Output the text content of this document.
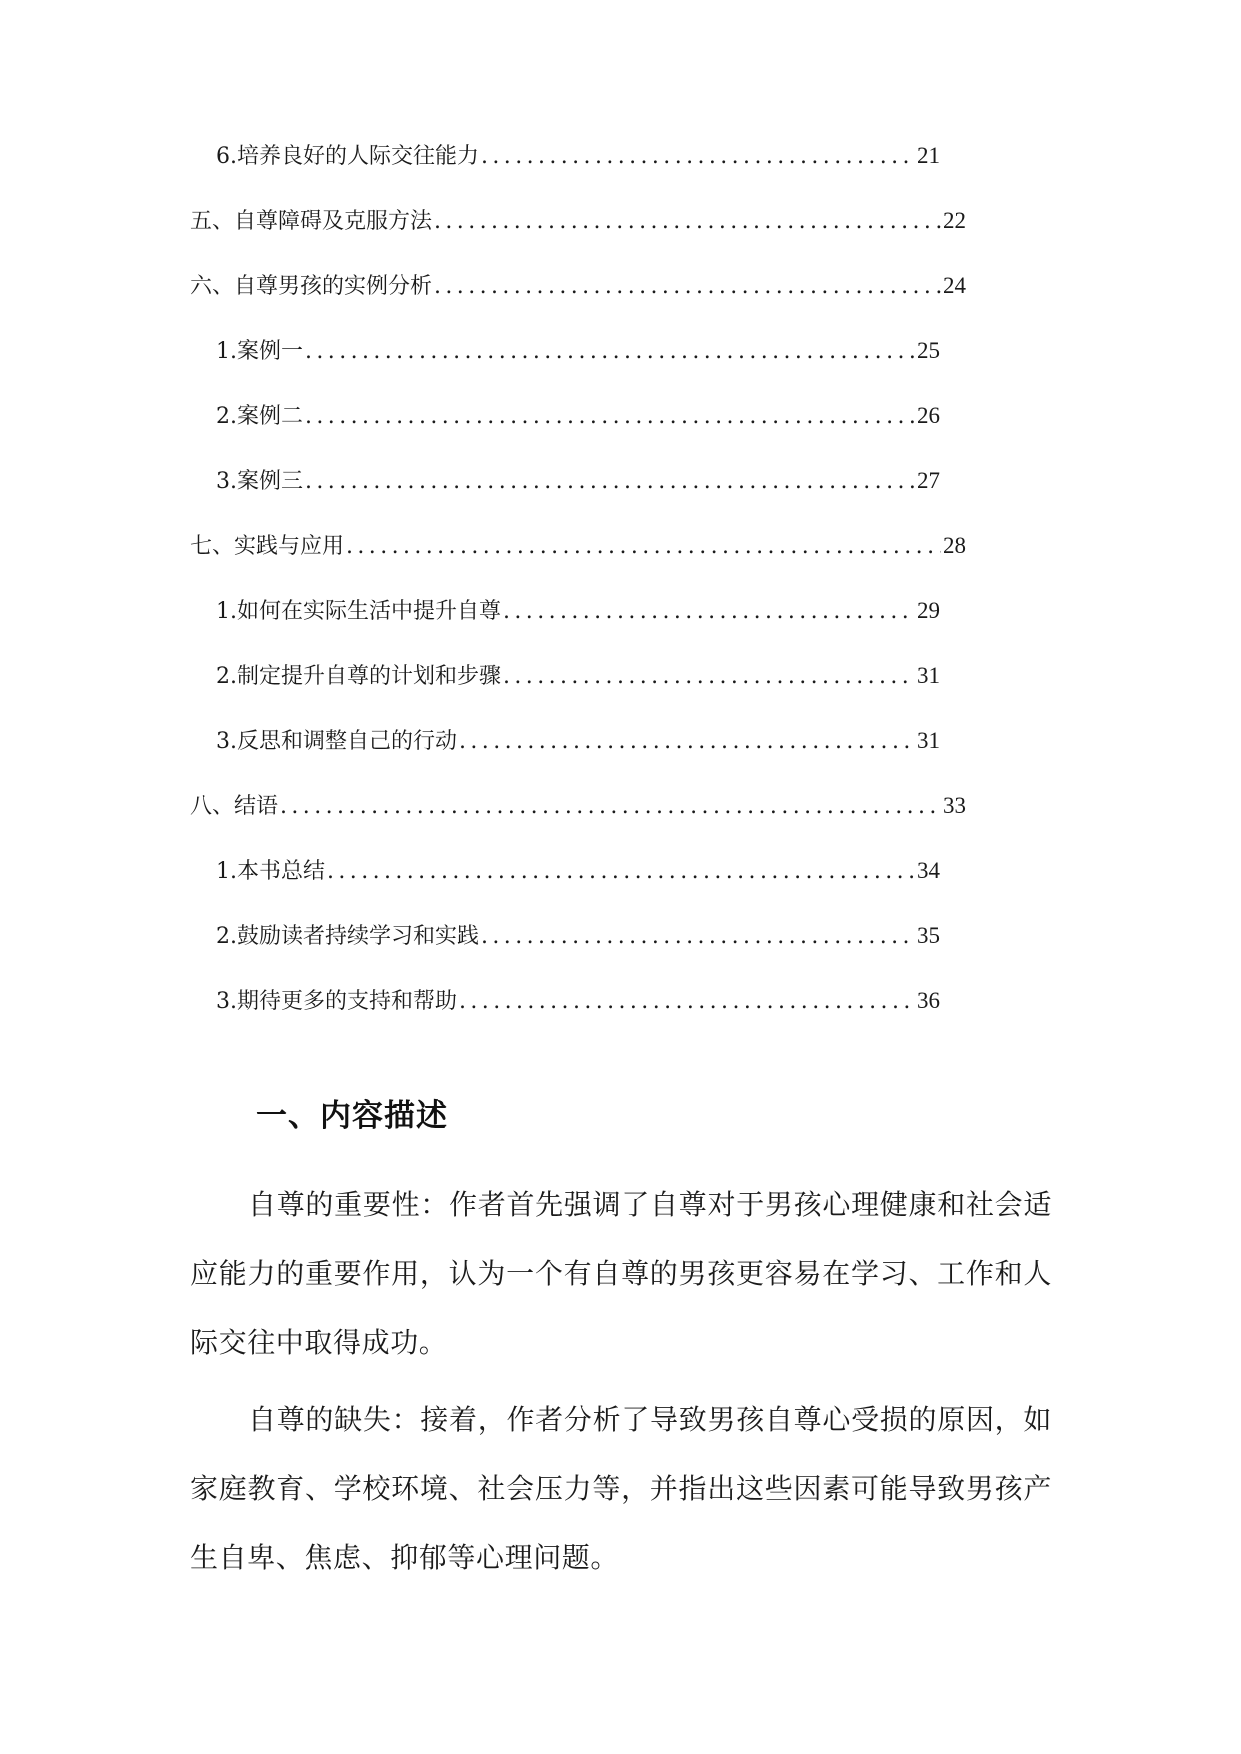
6. 培养良好的人际交往能力 .....	21
五、自尊障碍及克服方法 .....	22
六、自尊男孩的实例分析 .....	24
1. 案例一 .....	25
2. 案例二 .....	26
3. 案例三 .....	27
七、实践与应用 .....	28
1. 如何在实际生活中提升自尊 .....	29
2. 制定提升自尊的计划和步骤 .....	31
3. 反思和调整自己的行动 .....	31
八、结语 .....	33
1. 本书总结 .....	34
2. 鼓励读者持续学习和实践 .....	35
3. 期待更多的支持和帮助 .....	36
一、内容描述

自尊的重要性：作者首先强调了自尊对于男孩心理健康和社会适应能力的重要作用，认为一个有自尊的男孩更容易在学习、工作和人际交往中取得成功。

自尊的缺失：接着，作者分析了导致男孩自尊心受损的原因，如家庭教育、学校环境、社会压力等，并指出这些因素可能导致男孩产生自卑、焦虑、抑郁等心理问题。
